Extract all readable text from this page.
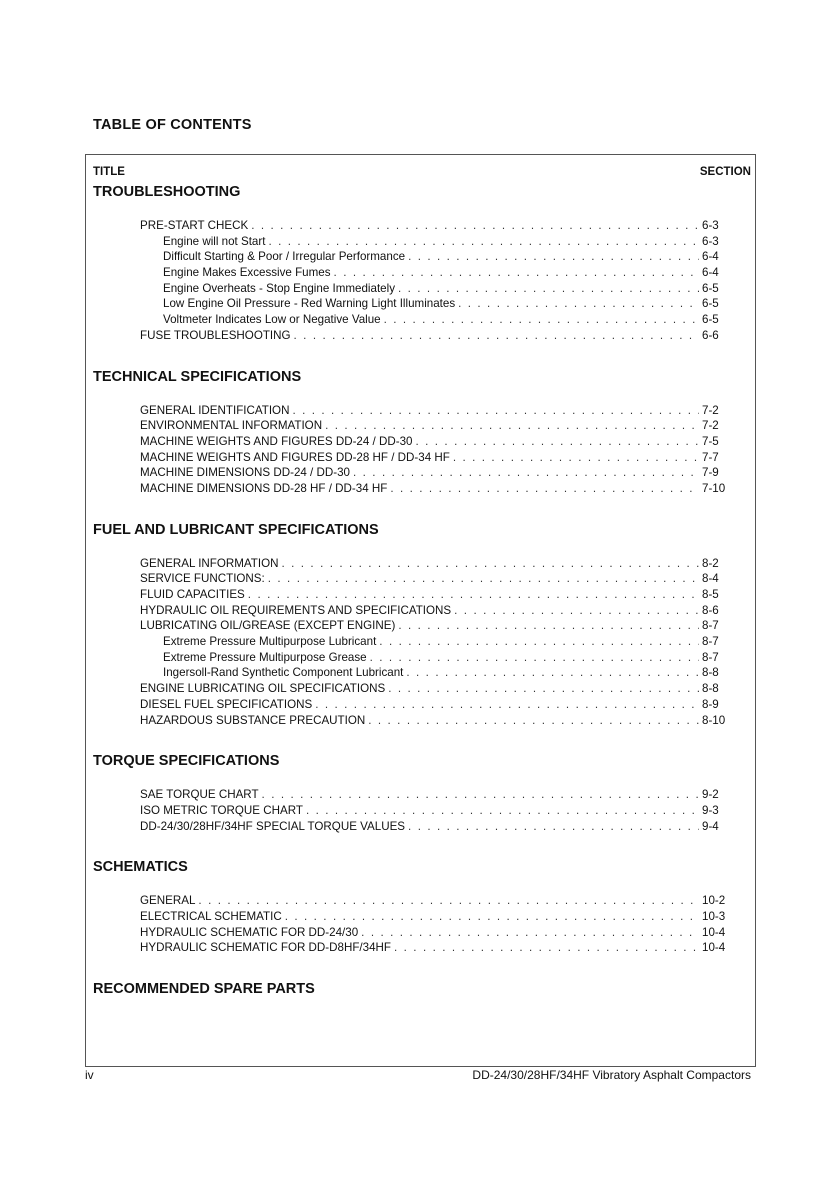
TABLE OF CONTENTS
TITLE	SECTION
TROUBLESHOOTING
PRE-START CHECK . . .	6-3
Engine will not Start . . .	6-3
Difficult Starting & Poor / Irregular Performance . . .	6-4
Engine Makes Excessive Fumes . . .	6-4
Engine Overheats - Stop Engine Immediately . . .	6-5
Low Engine Oil Pressure - Red Warning Light Illuminates . . .	6-5
Voltmeter Indicates Low or Negative Value . . .	6-5
FUSE TROUBLESHOOTING . . .	6-6
TECHNICAL SPECIFICATIONS
GENERAL IDENTIFICATION . . .	7-2
ENVIRONMENTAL INFORMATION . . .	7-2
MACHINE WEIGHTS AND FIGURES DD-24 / DD-30 . . .	7-5
MACHINE WEIGHTS AND FIGURES DD-28 HF / DD-34 HF . . .	7-7
MACHINE DIMENSIONS DD-24 / DD-30 . . .	7-9
MACHINE DIMENSIONS DD-28 HF / DD-34 HF . . .	7-10
FUEL AND LUBRICANT SPECIFICATIONS
GENERAL INFORMATION . . .	8-2
SERVICE FUNCTIONS: . . .	8-4
FLUID CAPACITIES . . .	8-5
HYDRAULIC OIL REQUIREMENTS AND SPECIFICATIONS . . .	8-6
LUBRICATING OIL/GREASE (EXCEPT ENGINE) . . .	8-7
Extreme Pressure Multipurpose Lubricant . . .	8-7
Extreme Pressure Multipurpose Grease . . .	8-7
Ingersoll-Rand Synthetic Component Lubricant . . .	8-8
ENGINE LUBRICATING OIL SPECIFICATIONS . . .	8-8
DIESEL FUEL SPECIFICATIONS . . .	8-9
HAZARDOUS SUBSTANCE PRECAUTION . . .	8-10
TORQUE SPECIFICATIONS
SAE TORQUE CHART . . .	9-2
ISO METRIC TORQUE CHART . . .	9-3
DD-24/30/28HF/34HF SPECIAL TORQUE VALUES . . .	9-4
SCHEMATICS
GENERAL . . .	10-2
ELECTRICAL SCHEMATIC . . .	10-3
HYDRAULIC SCHEMATIC FOR DD-24/30 . . .	10-4
HYDRAULIC SCHEMATIC FOR DD-D8HF/34HF . . .	10-4
RECOMMENDED SPARE PARTS
iv	DD-24/30/28HF/34HF Vibratory Asphalt Compactors
